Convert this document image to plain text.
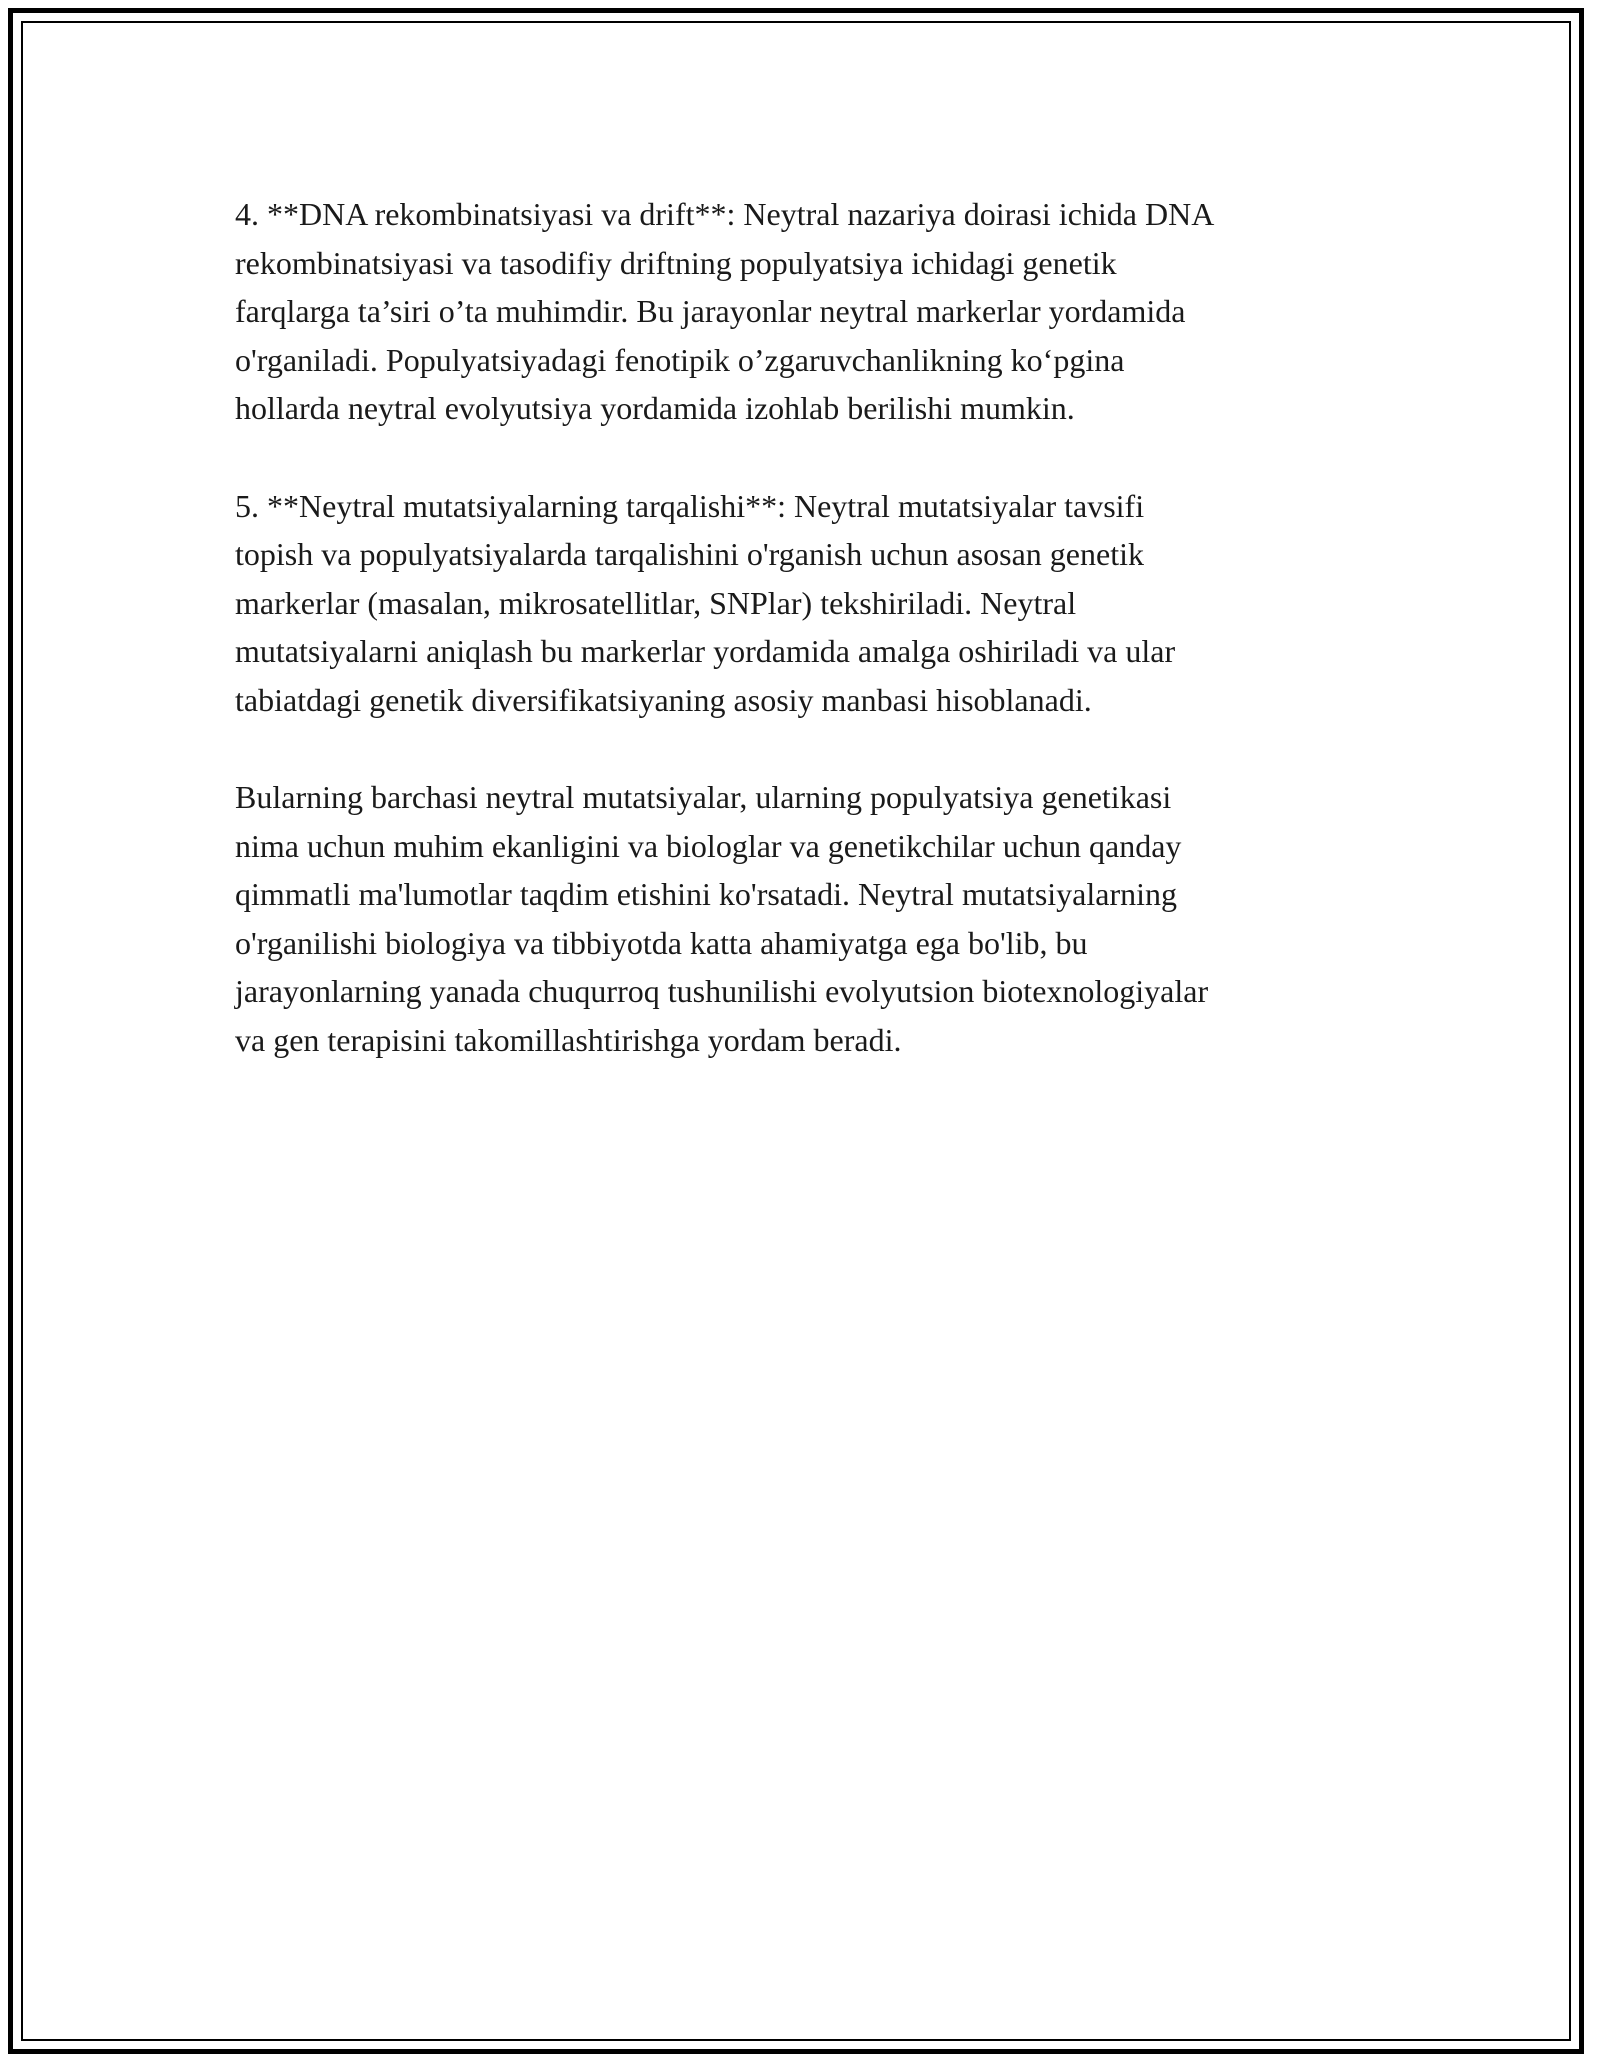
4. **DNA rekombinatsiyasi va drift**: Neytral nazariya doirasi ichida DNA
rekombinatsiyasi va tasodifiy driftning populyatsiya ichidagi genetik
farqlarga ta’siri o’ta muhimdir. Bu jarayonlar neytral markerlar yordamida
o'rganiladi. Populyatsiyadagi fenotipik o’zgaruvchanlikning ko‘pgina
hollarda neytral evolyutsiya yordamida izohlab berilishi mumkin.

5. **Neytral mutatsiyalarning tarqalishi**: Neytral mutatsiyalar tavsifi
topish va populyatsiyalarda tarqalishini o'rganish uchun asosan genetik
markerlar (masalan, mikrosatellitlar, SNPlar) tekshiriladi. Neytral
mutatsiyalarni aniqlash bu markerlar yordamida amalga oshiriladi va ular
tabiatdagi genetik diversifikatsiyaning asosiy manbasi hisoblanadi.

Bularning barchasi neytral mutatsiyalar, ularning populyatsiya genetikasi
nima uchun muhim ekanligini va biologlar va genetikchilar uchun qanday
qimmatli ma'lumotlar taqdim etishini ko'rsatadi. Neytral mutatsiyalarning
o'rganilishi biologiya va tibbiyotda katta ahamiyatga ega bo'lib, bu
jarayonlarning yanada chuqurroq tushunilishi evolyutsion biotexnologiyalar
va gen terapisini takomillashtirishga yordam beradi.
